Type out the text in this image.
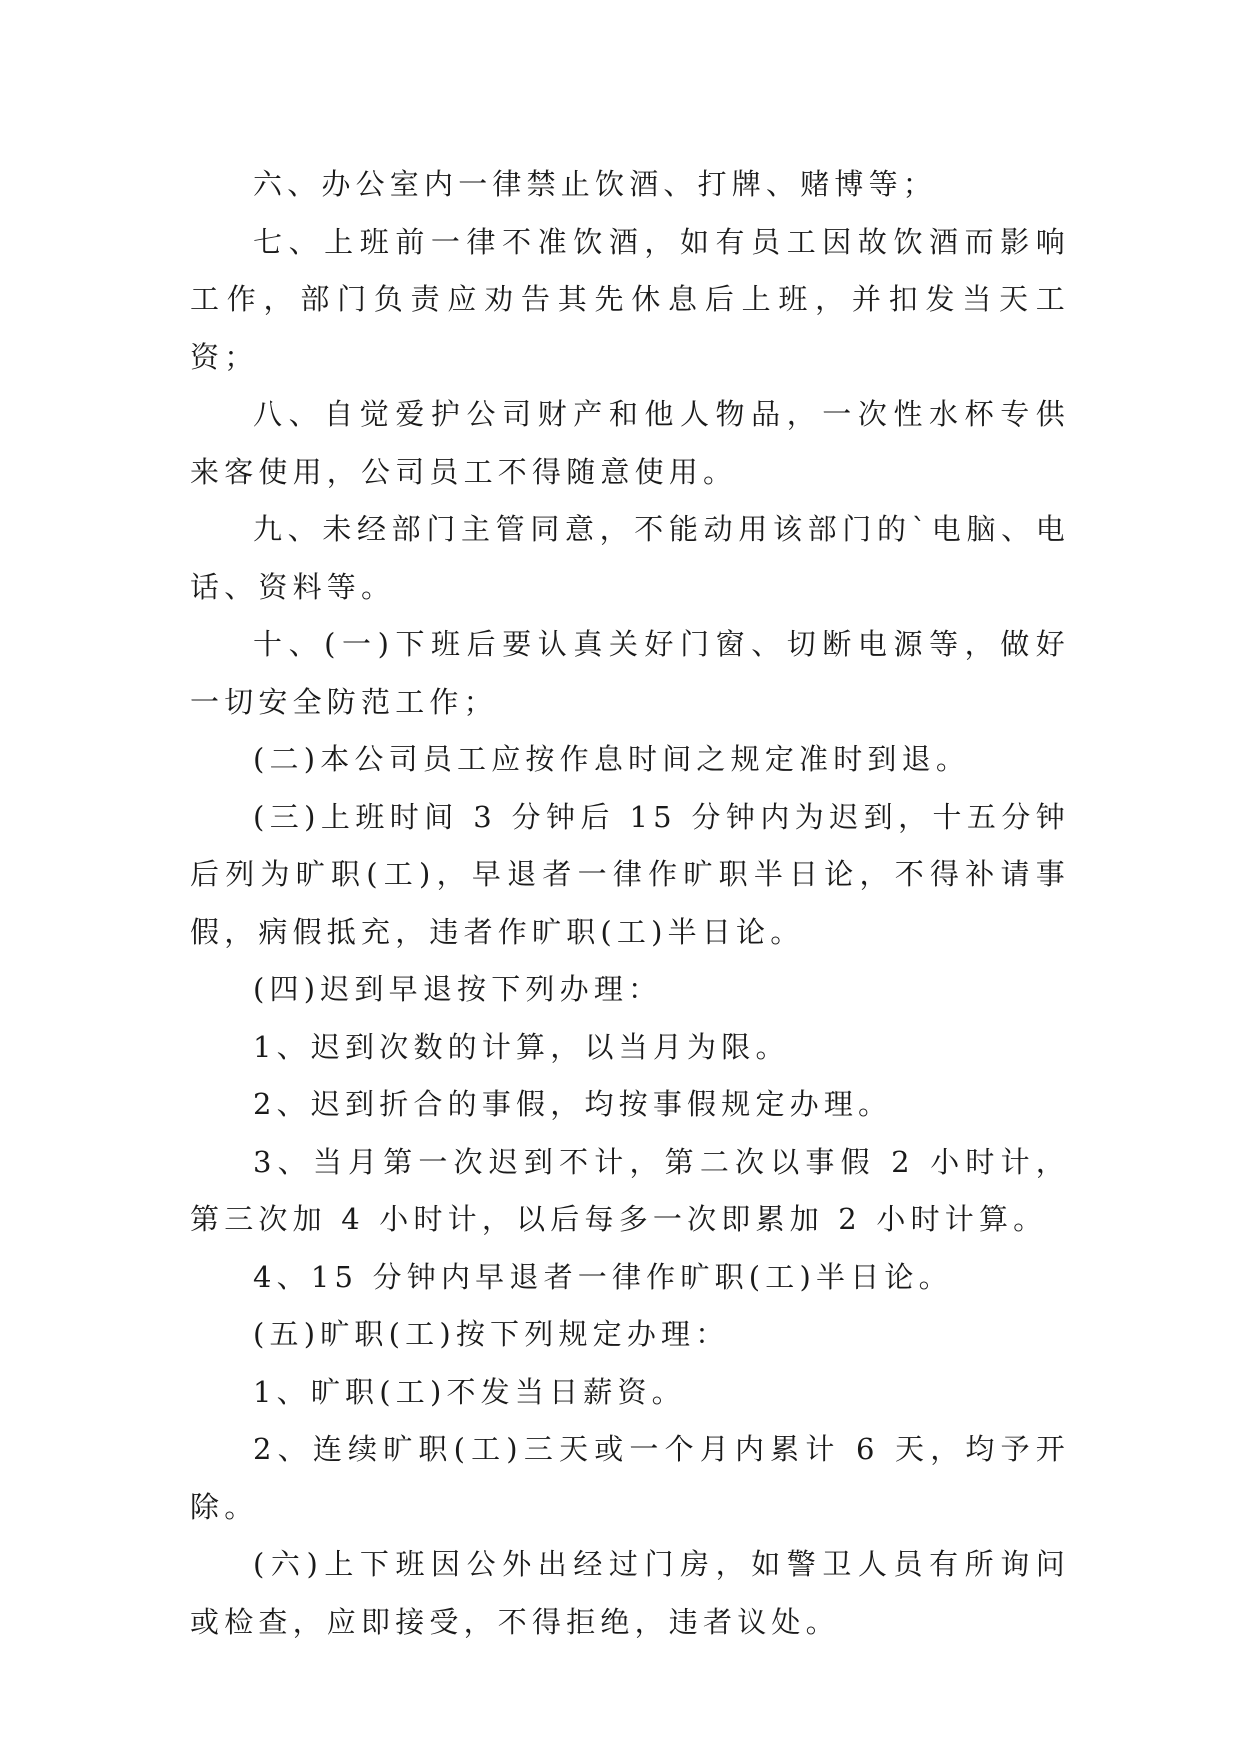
六、办公室内一律禁止饮酒、打牌、赌博等；

七、上班前一律不准饮酒，如有员工因故饮酒而影响工作，部门负责应劝告其先休息后上班，并扣发当天工资；

八、自觉爱护公司财产和他人物品，一次性水杯专供来客使用，公司员工不得随意使用。

九、未经部门主管同意，不能动用该部门的`电脑、电话、资料等。

十、(一)下班后要认真关好门窗、切断电源等，做好一切安全防范工作；

(二)本公司员工应按作息时间之规定准时到退。

(三)上班时间 3 分钟后 15 分钟内为迟到，十五分钟后列为旷职(工)，早退者一律作旷职半日论，不得补请事假，病假抵充，违者作旷职(工)半日论。

(四)迟到早退按下列办理：

1、迟到次数的计算，以当月为限。

2、迟到折合的事假，均按事假规定办理。

3、当月第一次迟到不计，第二次以事假 2 小时计，第三次加 4 小时计，以后每多一次即累加 2 小时计算。

4、15 分钟内早退者一律作旷职(工)半日论。

(五)旷职(工)按下列规定办理：

1、旷职(工)不发当日薪资。

2、连续旷职(工)三天或一个月内累计 6 天，均予开除。

(六)上下班因公外出经过门房，如警卫人员有所询问或检查，应即接受，不得拒绝，违者议处。
